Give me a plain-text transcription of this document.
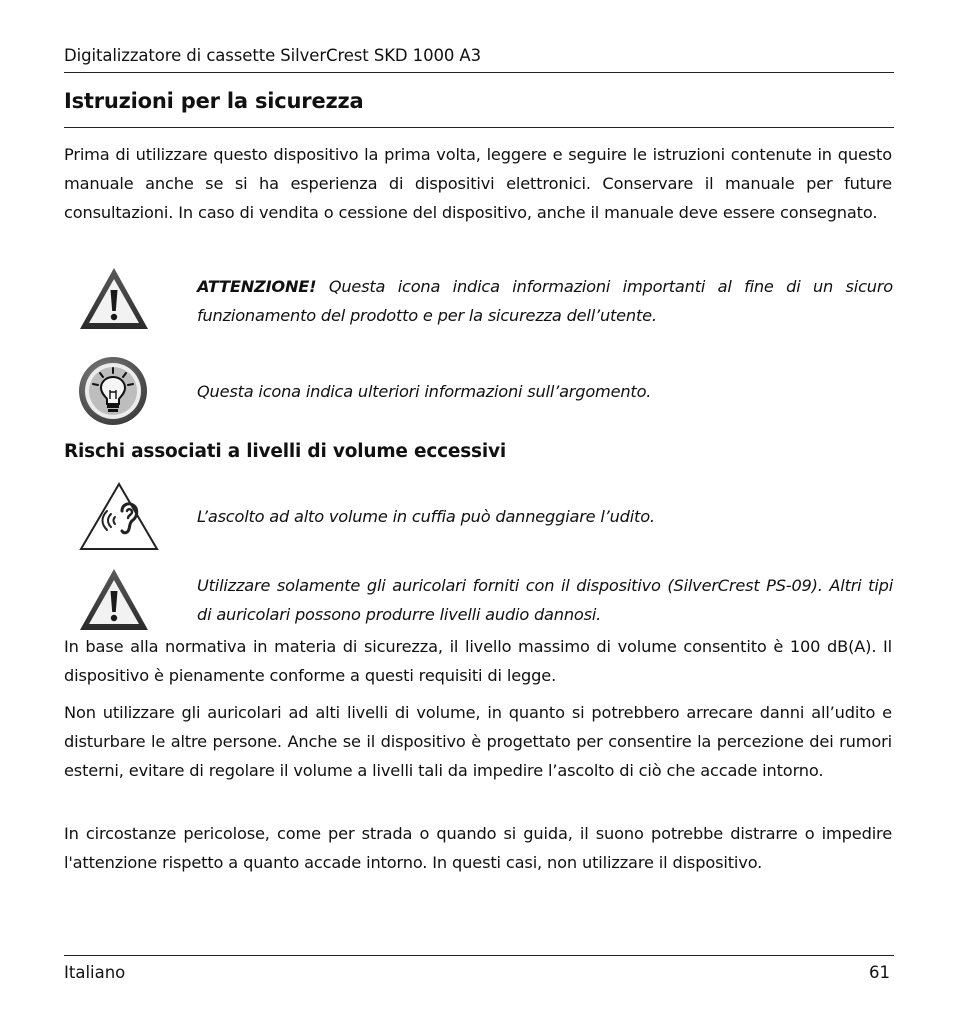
Digitalizzatore di cassette SilverCrest SKD 1000 A3
Istruzioni per la sicurezza

Prima di utilizzare questo dispositivo la prima volta, leggere e seguire le istruzioni contenute in questo manuale anche se si ha esperienza di dispositivi elettronici. Conservare il manuale per future consultazioni. In caso di vendita o cessione del dispositivo, anche il manuale deve essere consegnato.

ATTENZIONE! Questa icona indica informazioni importanti al fine di un sicuro funzionamento del prodotto e per la sicurezza dell’utente.

Questa icona indica ulteriori informazioni sull’argomento.

Rischi associati a livelli di volume eccessivi

L’ascolto ad alto volume in cuffia può danneggiare l’udito.

Utilizzare solamente gli auricolari forniti con il dispositivo (SilverCrest PS-09). Altri tipi di auricolari possono produrre livelli audio dannosi.

In base alla normativa in materia di sicurezza, il livello massimo di volume consentito è 100 dB(A). Il dispositivo è pienamente conforme a questi requisiti di legge.

Non utilizzare gli auricolari ad alti livelli di volume, in quanto si potrebbero arrecare danni all’udito e disturbare le altre persone. Anche se il dispositivo è progettato per consentire la percezione dei rumori esterni, evitare di regolare il volume a livelli tali da impedire l’ascolto di ciò che accade intorno.

In circostanze pericolose, come per strada o quando si guida, il suono potrebbe distrarre o impedire l'attenzione rispetto a quanto accade intorno. In questi casi, non utilizzare il dispositivo.

Italiano	61
